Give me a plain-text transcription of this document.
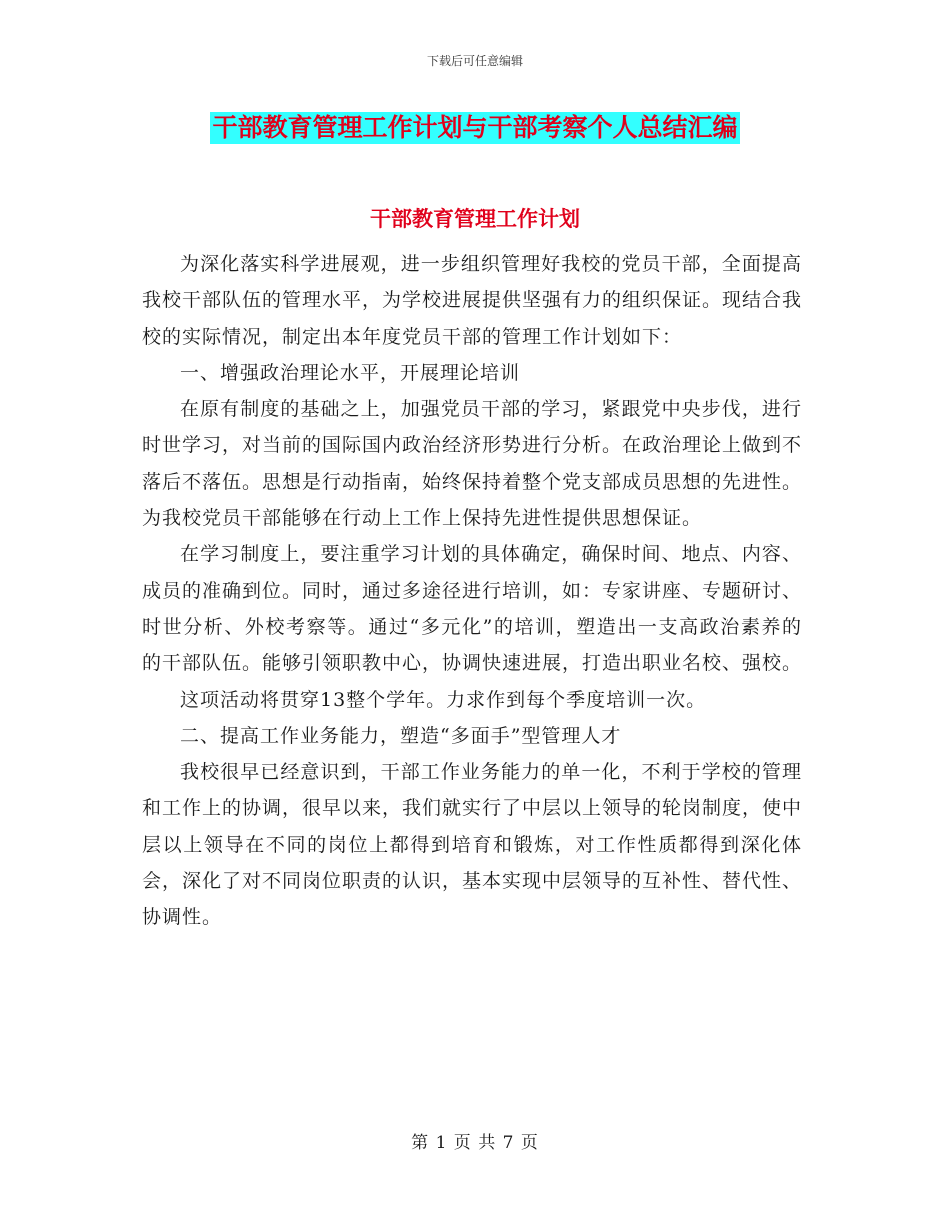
下载后可任意编辑
干部教育管理工作计划与干部考察个人总结汇编
干部教育管理工作计划

为深化落实科学进展观，进一步组织管理好我校的党员干部，全面提高我校干部队伍的管理水平，为学校进展提供坚强有力的组织保证。现结合我校的实际情况，制定出本年度党员干部的管理工作计划如下：

一、增强政治理论水平，开展理论培训

在原有制度的基础之上，加强党员干部的学习，紧跟党中央步伐，进行时世学习，对当前的国际国内政治经济形势进行分析。在政治理论上做到不落后不落伍。思想是行动指南，始终保持着整个党支部成员思想的先进性。为我校党员干部能够在行动上工作上保持先进性提供思想保证。

在学习制度上，要注重学习计划的具体确定，确保时间、地点、内容、成员的准确到位。同时，通过多途径进行培训，如：专家讲座、专题研讨、时世分析、外校考察等。通过“多元化”的培训，塑造出一支高政治素养的的干部队伍。能够引领职教中心，协调快速进展，打造出职业名校、强校。

这项活动将贯穿13整个学年。力求作到每个季度培训一次。

二、提高工作业务能力，塑造“多面手”型管理人才

我校很早已经意识到，干部工作业务能力的单一化，不利于学校的管理和工作上的协调，很早以来，我们就实行了中层以上领导的轮岗制度，使中层以上领导在不同的岗位上都得到培育和锻炼，对工作性质都得到深化体会，深化了对不同岗位职责的认识，基本实现中层领导的互补性、替代性、协调性。

第 1 页 共 7 页
